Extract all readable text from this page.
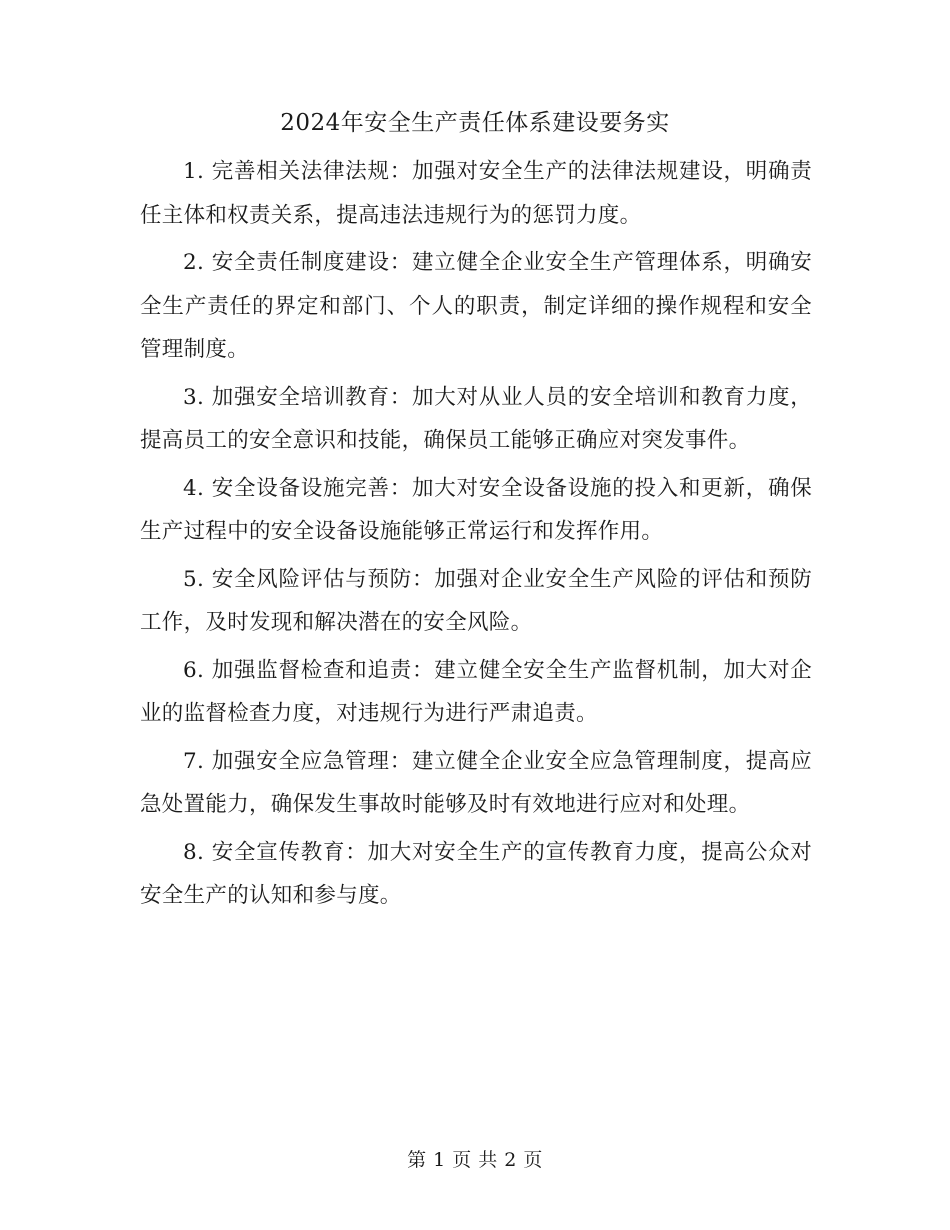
2024年安全生产责任体系建设要务实

1. 完善相关法律法规：加强对安全生产的法律法规建设，明确责任主体和权责关系，提高违法违规行为的惩罚力度。

2. 安全责任制度建设：建立健全企业安全生产管理体系，明确安全生产责任的界定和部门、个人的职责，制定详细的操作规程和安全管理制度。

3. 加强安全培训教育：加大对从业人员的安全培训和教育力度，提高员工的安全意识和技能，确保员工能够正确应对突发事件。

4. 安全设备设施完善：加大对安全设备设施的投入和更新，确保生产过程中的安全设备设施能够正常运行和发挥作用。

5. 安全风险评估与预防：加强对企业安全生产风险的评估和预防工作，及时发现和解决潜在的安全风险。

6. 加强监督检查和追责：建立健全安全生产监督机制，加大对企业的监督检查力度，对违规行为进行严肃追责。

7. 加强安全应急管理：建立健全企业安全应急管理制度，提高应急处置能力，确保发生事故时能够及时有效地进行应对和处理。

8. 安全宣传教育：加大对安全生产的宣传教育力度，提高公众对安全生产的认知和参与度。

第 1 页 共 2 页
